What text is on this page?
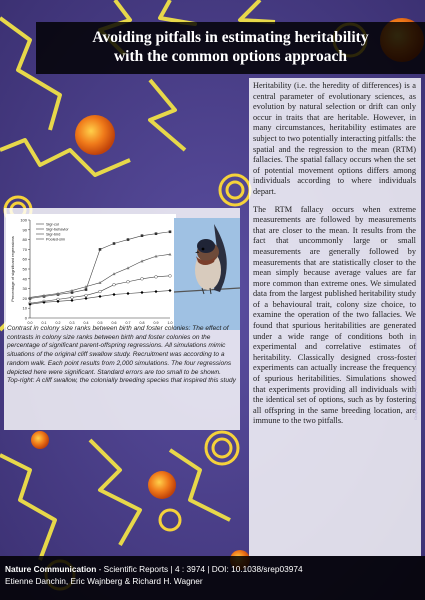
Avoiding pitfalls in estimating heritability
with the common options approach

Heritability (i.e. the heredity of differences) is a central parameter of evolutionary sciences, as evolution by natural selection or drift can only occur in traits that are heritable. However, in many circumstances, heritability estimates are subject to two potentially interacting pitfalls: the spatial and the regression to the mean (RTM) fallacies. The spatial fallacy occurs when the set of potential movement options differs among individuals according to where individuals depart.

The RTM fallacy occurs when extreme measurements are followed by measurements that are closer to the mean. It results from the fact that uncommonly large or small measurements are generally followed by measurements that are statistically closer to the mean simply because average values are far more common than extreme ones. We simulated data from the largest published heritability study of a behavioural trait, colony size choice, to examine the operation of the two fallacies. We found that spurious heritabilities are generated under a wide range of conditions both in experimental and correlative estimates of heritability. Classically designed cross-foster experiments can actually increase the frequency of spurious heritabilities. Simulations showed that experiments providing all individuals with the identical set of options, such as by fostering all offspring in the same breeding location, are immune to the two pitfalls.

0
10
20
30
40
50
60
70
80
90
100
0.0	0.1	0.2	0.3	0.4	0.5	0.6	0.7	0.8	0.9	1.0
Percentage of significant regressions
Sigr-col
Sigr-behavior
Sigr-bird
Pooled-sim

Contrast in colony size ranks between birth and foster colonies: The effect of contrasts in colony size ranks between birth and foster colonies on the percentage of significant parent-offspring regressions. All simulations mimic situations of the original cliff swallow study. Recruitment was according to a random walk. Each point results from 2,000 simulations. The four regressions depicted here were significant. Standard errors are too small to be shown.

Top-right: A cliff swallow, the colonially breeding species that inspired this study	Graphic: Library Bernard, Inst. Alliance-Bellefort
Nature Communication - Scientific Reports | 4 : 3974 | DOI: 10.1038/srep03974
Etienne Danchin, Eric Wajnberg & Richard H. Wagner
